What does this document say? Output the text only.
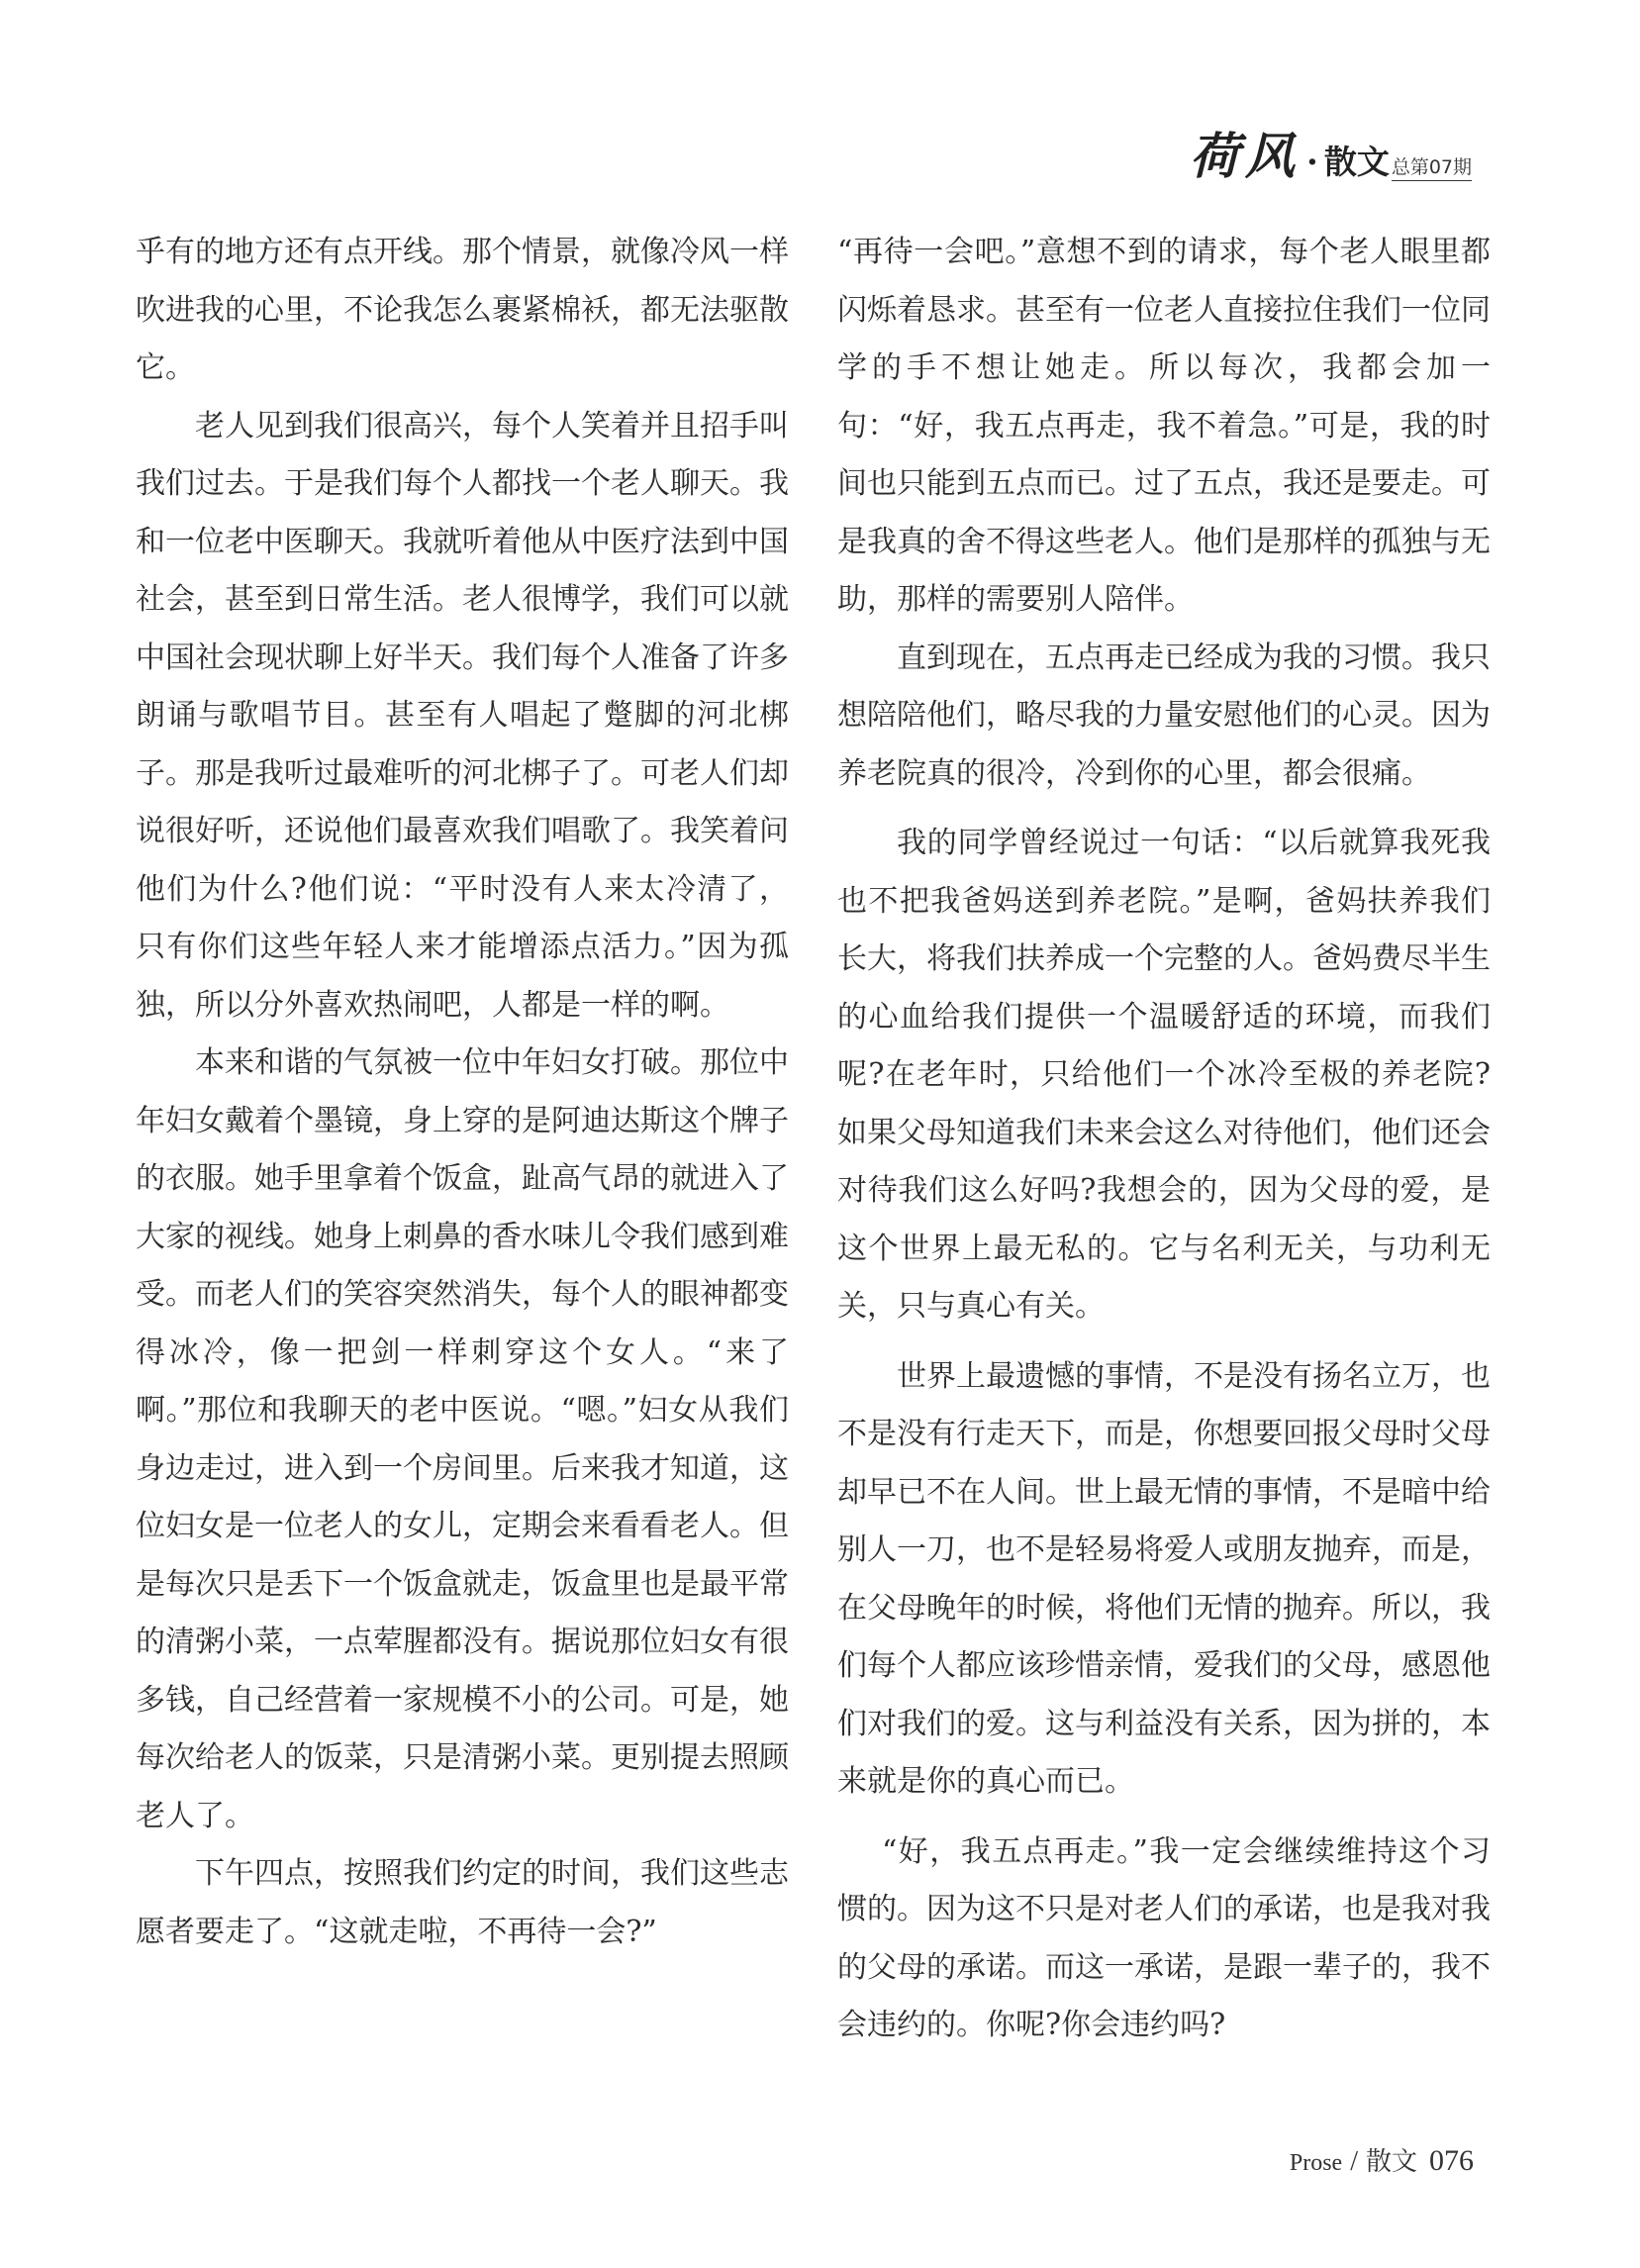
荷风 · 散文 总第07期

乎有的地方还有点开线。那个情景，就像冷风一样吹进我的心里，不论我怎么裹紧棉袄，都无法驱散它。

老人见到我们很高兴，每个人笑着并且招手叫我们过去。于是我们每个人都找一个老人聊天。我和一位老中医聊天。我就听着他从中医疗法到中国社会，甚至到日常生活。老人很博学，我们可以就中国社会现状聊上好半天。我们每个人准备了许多朗诵与歌唱节目。甚至有人唱起了蹩脚的河北梆子。那是我听过最难听的河北梆子了。可老人们却说很好听，还说他们最喜欢我们唱歌了。我笑着问他们为什么?他们说：“平时没有人来太冷清了，只有你们这些年轻人来才能增添点活力。”因为孤独，所以分外喜欢热闹吧，人都是一样的啊。

本来和谐的气氛被一位中年妇女打破。那位中年妇女戴着个墨镜，身上穿的是阿迪达斯这个牌子的衣服。她手里拿着个饭盒，趾高气昂的就进入了大家的视线。她身上刺鼻的香水味儿令我们感到难受。而老人们的笑容突然消失，每个人的眼神都变得冰冷，像一把剑一样刺穿这个女人。“来了啊。”那位和我聊天的老中医说。“嗯。”妇女从我们身边走过，进入到一个房间里。后来我才知道，这位妇女是一位老人的女儿，定期会来看看老人。但是每次只是丢下一个饭盒就走，饭盒里也是最平常的清粥小菜，一点荤腥都没有。据说那位妇女有很多钱，自己经营着一家规模不小的公司。可是，她每次给老人的饭菜，只是清粥小菜。更别提去照顾老人了。

下午四点，按照我们约定的时间，我们这些志愿者要走了。“这就走啦，不再待一会?”

“再待一会吧。”意想不到的请求，每个老人眼里都闪烁着恳求。甚至有一位老人直接拉住我们一位同学的手不想让她走。所以每次，我都会加一句：“好，我五点再走，我不着急。”可是，我的时间也只能到五点而已。过了五点，我还是要走。可是我真的舍不得这些老人。他们是那样的孤独与无助，那样的需要别人陪伴。

直到现在，五点再走已经成为我的习惯。我只想陪陪他们，略尽我的力量安慰他们的心灵。因为养老院真的很冷，冷到你的心里，都会很痛。

我的同学曾经说过一句话：“以后就算我死我也不把我爸妈送到养老院。”是啊，爸妈扶养我们长大，将我们扶养成一个完整的人。爸妈费尽半生的心血给我们提供一个温暖舒适的环境，而我们呢?在老年时，只给他们一个冰冷至极的养老院?如果父母知道我们未来会这么对待他们，他们还会对待我们这么好吗?我想会的，因为父母的爱，是这个世界上最无私的。它与名利无关，与功利无关，只与真心有关。

世界上最遗憾的事情，不是没有扬名立万，也不是没有行走天下，而是，你想要回报父母时父母却早已不在人间。世上最无情的事情，不是暗中给别人一刀，也不是轻易将爱人或朋友抛弃，而是，在父母晚年的时候，将他们无情的抛弃。所以，我们每个人都应该珍惜亲情，爱我们的父母，感恩他们对我们的爱。这与利益没有关系，因为拼的，本来就是你的真心而已。

“好，我五点再走。”我一定会继续维持这个习惯的。因为这不只是对老人们的承诺，也是我对我的父母的承诺。而这一承诺，是跟一辈子的，我不会违约的。你呢?你会违约吗?

Prose / 散文 076
